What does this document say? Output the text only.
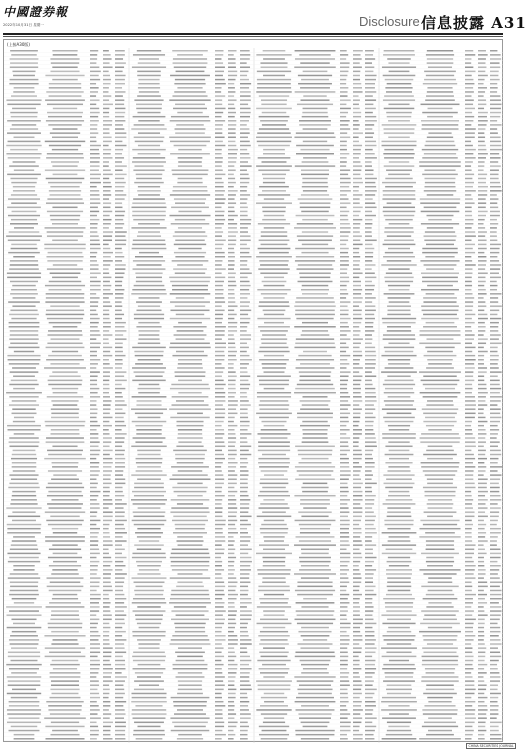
中國證券報
2022年10月31日 星期一	Disclosure 信息披露 A31
(上接A30版)
CHINA SECURITIES JOURNAL
